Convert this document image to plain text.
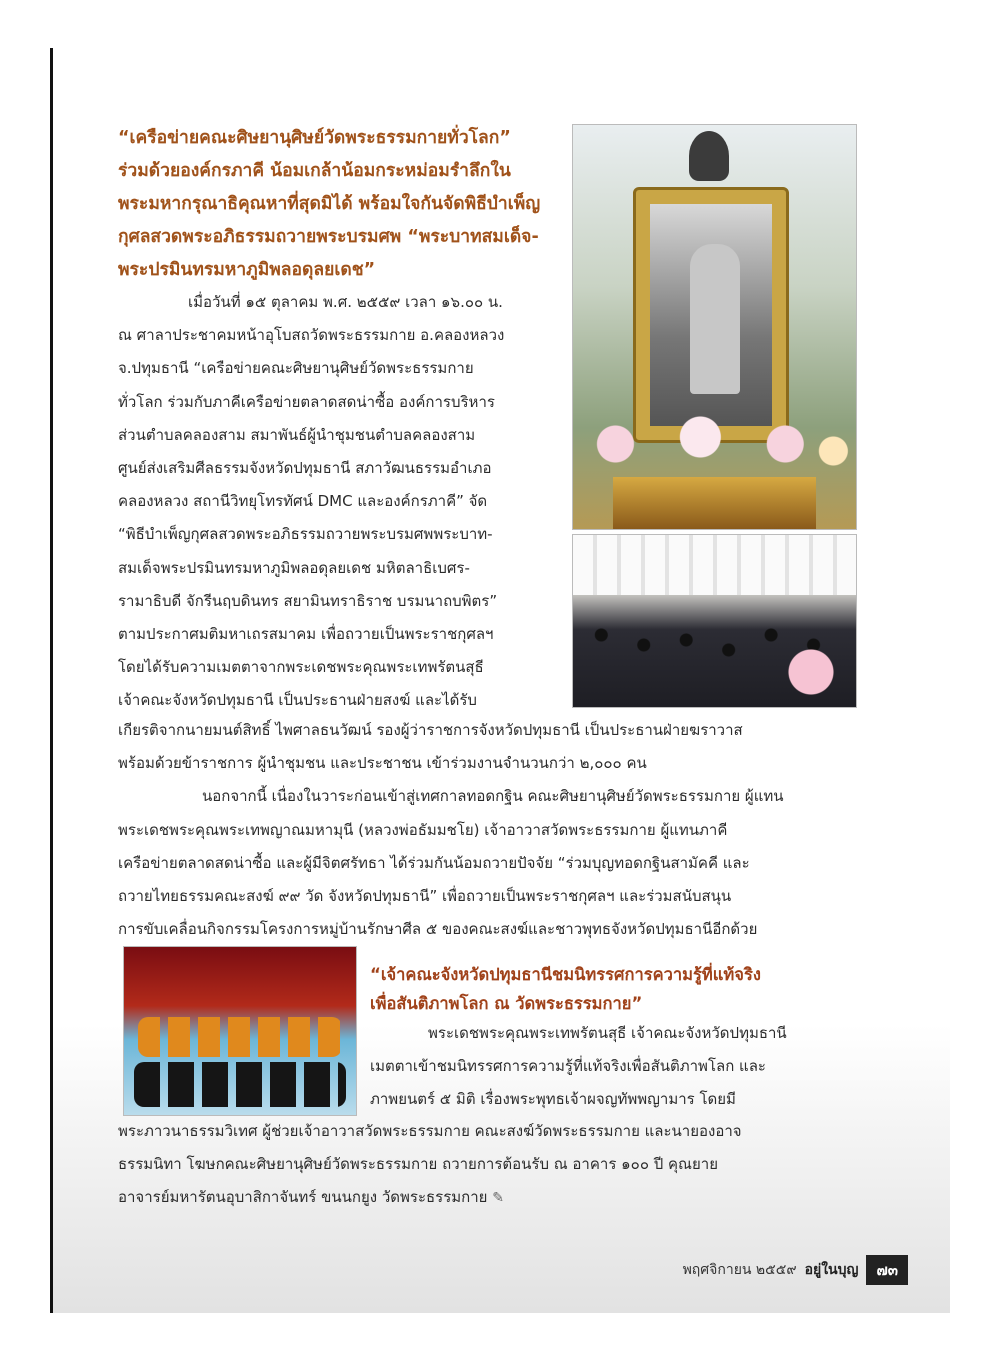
“เครือข่ายคณะศิษยานุศิษย์วัดพระธรรมกายทั่วโลก”
ร่วมด้วยองค์กรภาคี น้อมเกล้าน้อมกระหม่อมรำลึกใน
พระมหากรุณาธิคุณหาที่สุดมิได้ พร้อมใจกันจัดพิธีบำเพ็ญ
กุศลสวดพระอภิธรรมถวายพระบรมศพ “พระบาทสมเด็จ-
พระปรมินทรมหาภูมิพลอดุลยเดช”
เมื่อวันที่ ๑๕ ตุลาคม พ.ศ. ๒๕๕๙ เวลา ๑๖.๐๐ น.
ณ ศาลาประชาคมหน้าอุโบสถวัดพระธรรมกาย อ.คลองหลวง
จ.ปทุมธานี “เครือข่ายคณะศิษยานุศิษย์วัดพระธรรมกาย
ทั่วโลก ร่วมกับภาคีเครือข่ายตลาดสดน่าซื้อ องค์การบริหาร
ส่วนตำบลคลองสาม สมาพันธ์ผู้นำชุมชนตำบลคลองสาม
ศูนย์ส่งเสริมศีลธรรมจังหวัดปทุมธานี สภาวัฒนธรรมอำเภอ
คลองหลวง สถานีวิทยุโทรทัศน์ DMC และองค์กรภาคี” จัด
“พิธีบำเพ็ญกุศลสวดพระอภิธรรมถวายพระบรมศพพระบาท-
สมเด็จพระปรมินทรมหาภูมิพลอดุลยเดช มหิตลาธิเบศร-
รามาธิบดี จักรีนฤบดินทร สยามินทราธิราช บรมนาถบพิตร”
ตามประกาศมติมหาเถรสมาคม เพื่อถวายเป็นพระราชกุศลฯ
โดยได้รับความเมตตาจากพระเดชพระคุณพระเทพรัตนสุธี
เจ้าคณะจังหวัดปทุมธานี เป็นประธานฝ่ายสงฆ์ และได้รับ
เกียรติจากนายมนต์สิทธิ์ ไพศาลธนวัฒน์ รองผู้ว่าราชการจังหวัดปทุมธานี เป็นประธานฝ่ายฆราวาส
พร้อมด้วยข้าราชการ ผู้นำชุมชน และประชาชน เข้าร่วมงานจำนวนกว่า ๒,๐๐๐ คน
นอกจากนี้ เนื่องในวาระก่อนเข้าสู่เทศกาลทอดกฐิน คณะศิษยานุศิษย์วัดพระธรรมกาย ผู้แทน
พระเดชพระคุณพระเทพญาณมหามุนี (หลวงพ่อธัมมชโย) เจ้าอาวาสวัดพระธรรมกาย ผู้แทนภาคี
เครือข่ายตลาดสดน่าซื้อ และผู้มีจิตศรัทธา ได้ร่วมกันน้อมถวายปัจจัย “ร่วมบุญทอดกฐินสามัคคี และ
ถวายไทยธรรมคณะสงฆ์ ๙๙ วัด จังหวัดปทุมธานี” เพื่อถวายเป็นพระราชกุศลฯ และร่วมสนับสนุน
การขับเคลื่อนกิจกรรมโครงการหมู่บ้านรักษาศีล ๕ ของคณะสงฆ์และชาวพุทธจังหวัดปทุมธานีอีกด้วย
“เจ้าคณะจังหวัดปทุมธานีชมนิทรรศการความรู้ที่แท้จริง
เพื่อสันติภาพโลก ณ วัดพระธรรมกาย”
พระเดชพระคุณพระเทพรัตนสุธี เจ้าคณะจังหวัดปทุมธานี
เมตตาเข้าชมนิทรรศการความรู้ที่แท้จริงเพื่อสันติภาพโลก และ
ภาพยนตร์ ๕ มิติ เรื่องพระพุทธเจ้าผจญทัพพญามาร โดยมี
พระภาวนาธรรมวิเทศ ผู้ช่วยเจ้าอาวาสวัดพระธรรมกาย คณะสงฆ์วัดพระธรรมกาย และนายองอาจ
ธรรมนิทา โฆษกคณะศิษยานุศิษย์วัดพระธรรมกาย ถวายการต้อนรับ ณ อาคาร ๑๐๐ ปี คุณยาย
อาจารย์มหารัตนอุบาสิกาจันทร์ ขนนกยูง วัดพระธรรมกาย ✎
พฤศจิกายน ๒๕๕๙ อยู่ในบุญ	๗๓
